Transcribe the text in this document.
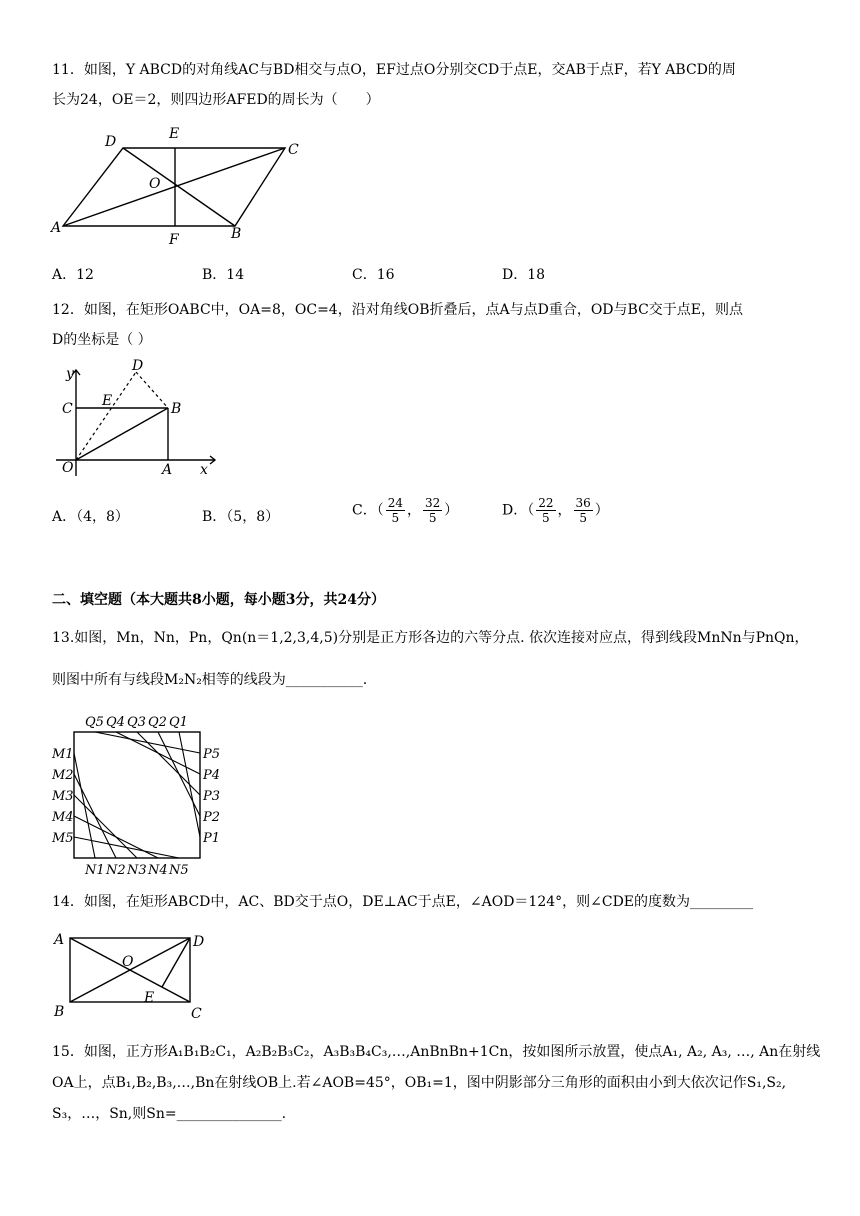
11．如图，Y ABCD的对角线AC与BD相交与点O，EF过点O分别交CD于点E，交AB于点F，若Y ABCD的周
长为24，OE＝2，则四边形AFED的周长为（　　）
D	E
C
O
A
F	B
A．12	B．14	C．16	D．18
12．如图，在矩形OABC中，OA=8，OC=4，沿对角线OB折叠后，点A与点D重合，OD与BC交于点E，则点
D的坐标是（ ）
y
x
D
E
C	B
O	A
A．（4，8）	B．（5，8）	C．（ $\frac{24}{5}$ ， $\frac{32}{5}$ ）	D．（ $\frac{22}{5}$ ， $\frac{36}{5}$ ）
二、填空题（本大题共8小题，每小题3分，共24分）
13.如图，Mn，Nn，Pn，Qn(n＝1,2,3,4,5)分别是正方形各边的六等分点. 依次连接对应点，得到线段MnNn与PnQn，
则图中所有与线段M₂N₂相等的线段为___________.
Q5 Q4 Q3 Q2 Q1
M1
M2
M3
M4
M5
P5
P4
P3
P2
P1
N1 N2 N3 N4 N5
14．如图，在矩形ABCD中，AC、BD交于点O，DE⊥AC于点E，∠AOD＝124°，则∠CDE的度数为_________
A	D
O
E
B	C
15．如图，正方形A₁B₁B₂C₁，A₂B₂B₃C₂，A₃B₃B₄C₃,…,AnBnBn+1Cn，按如图所示放置，使点A₁, A₂, A₃, …, An在射线
OA上，点B₁,B₂,B₃,…,Bn在射线OB上.若∠AOB=45°，OB₁=1，图中阴影部分三角形的面积由小到大依次记作S₁,S₂,
S₃，…，Sn,则Sn=_______________.
